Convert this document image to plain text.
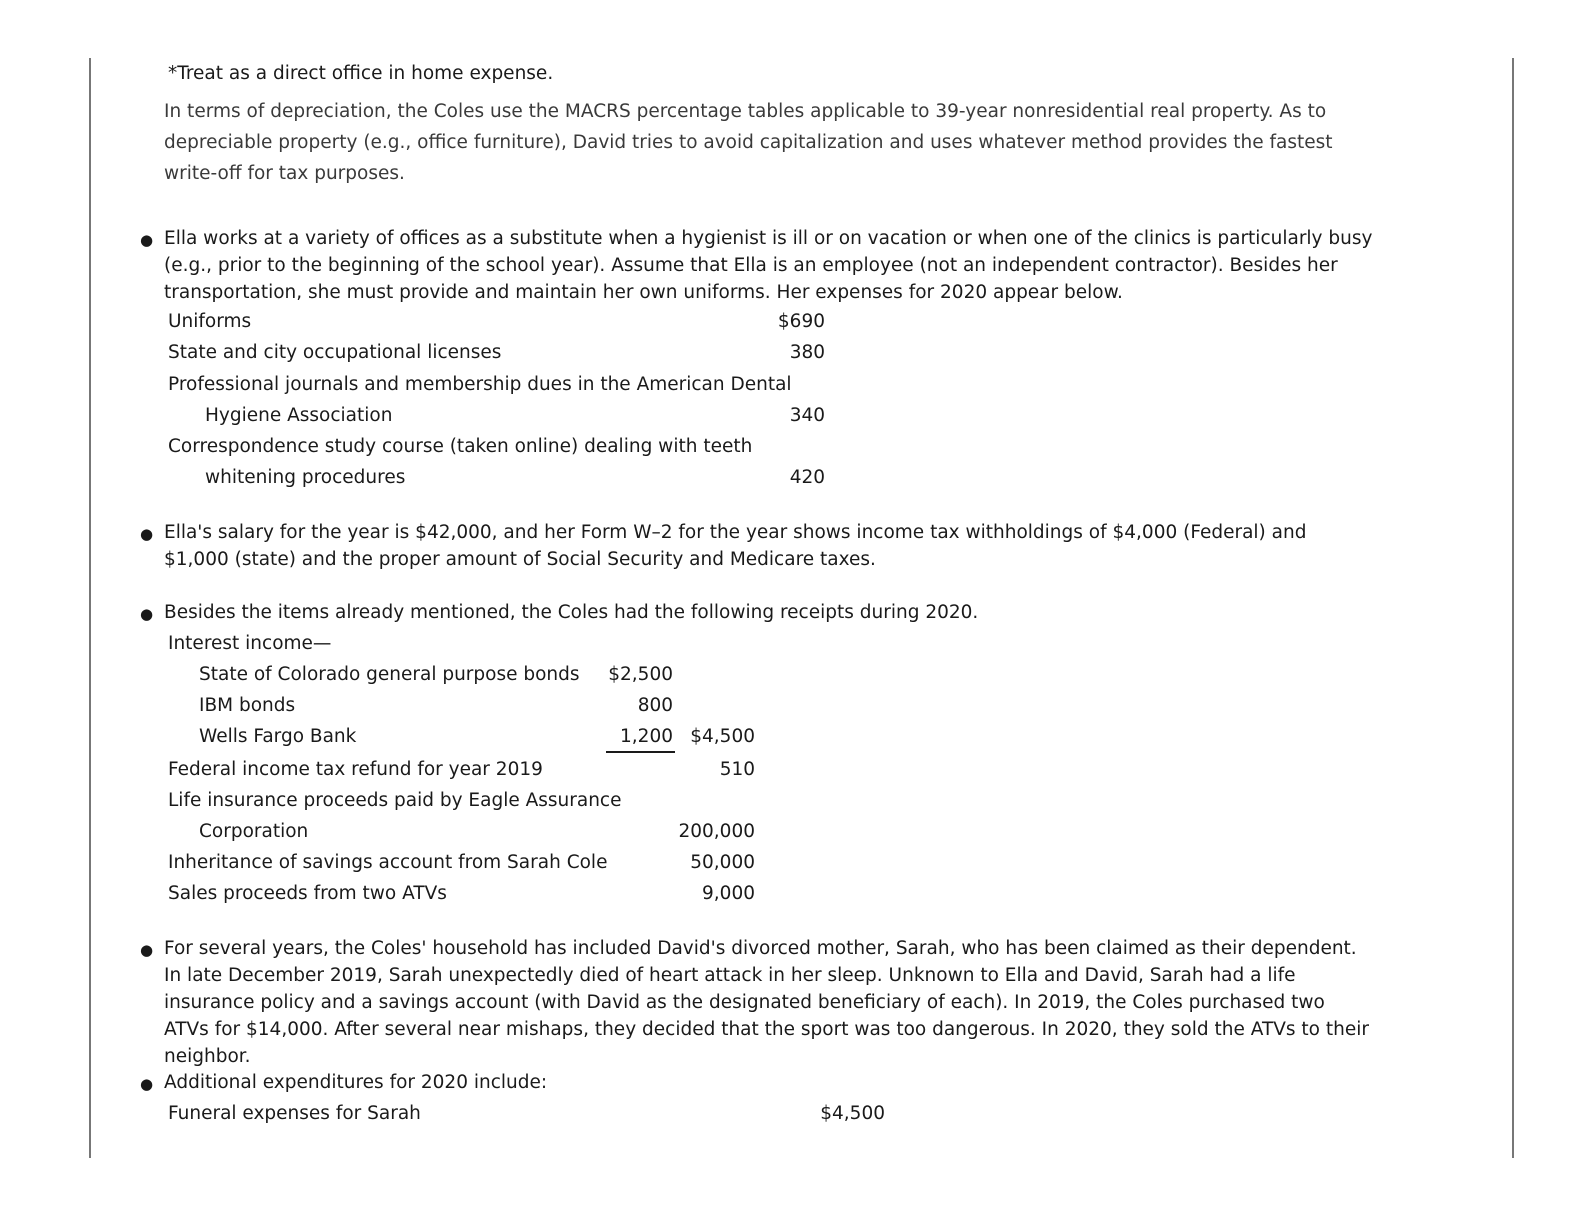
*Treat as a direct office in home expense.
In terms of depreciation, the Coles use the MACRS percentage tables applicable to 39-year nonresidential real property. As to depreciable property (e.g., office furniture), David tries to avoid capitalization and uses whatever method provides the fastest write-off for tax purposes.
● Ella works at a variety of offices as a substitute when a hygienist is ill or on vacation or when one of the clinics is particularly busy (e.g., prior to the beginning of the school year). Assume that Ella is an employee (not an independent contractor). Besides her transportation, she must provide and maintain her own uniforms. Her expenses for 2020 appear below.
Uniforms	$690
State and city occupational licenses	380
Professional journals and membership dues in the American Dental
Hygiene Association	340
Correspondence study course (taken online) dealing with teeth
whitening procedures	420
● Ella's salary for the year is $42,000, and her Form W–2 for the year shows income tax withholdings of $4,000 (Federal) and $1,000 (state) and the proper amount of Social Security and Medicare taxes.
● Besides the items already mentioned, the Coles had the following receipts during 2020.
Interest income—
State of Colorado general purpose bonds $2,500
IBM bonds	800
Wells Fargo Bank	1,200 $4,500
Federal income tax refund for year 2019	510
Life insurance proceeds paid by Eagle Assurance
Corporation	200,000
Inheritance of savings account from Sarah Cole	50,000
Sales proceeds from two ATVs	9,000
● For several years, the Coles' household has included David's divorced mother, Sarah, who has been claimed as their dependent. In late December 2019, Sarah unexpectedly died of heart attack in her sleep. Unknown to Ella and David, Sarah had a life insurance policy and a savings account (with David as the designated beneficiary of each). In 2019, the Coles purchased two ATVs for $14,000. After several near mishaps, they decided that the sport was too dangerous. In 2020, they sold the ATVs to their neighbor.
● Additional expenditures for 2020 include:
Funeral expenses for Sarah	$4,500
